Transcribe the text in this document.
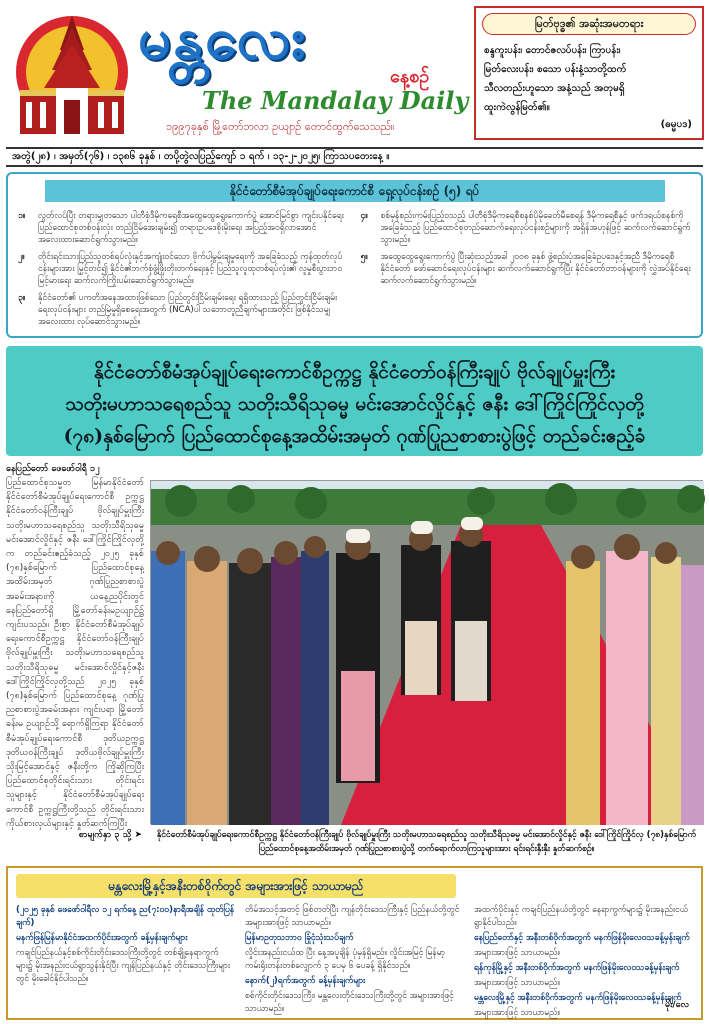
မန္တလေး
နေ့စဉ်
The Mandalay Daily
၁၉၉၇ခုနှစ် မြို့တော်ဘလာ ဥယျာဉ် တောင်ထွက်သေသည်။
မြတ်ဗုဒ္ဓ၏ အဆုံးအမတရား
စန္ဒကူးပန်း၊ တောင်ဇလပ်ပန်း၊ ကြာပန်း၊
မြတ်လေးပန်း၊ စသော ပန်းနံ့သာတို့ထက်
သီလတည်းဟူသော အနံ့သည် အတုမရှိ
ထူးကဲလွန်မြတ်၏။
(ဓမ္မပဒ)
အတွဲ(၂၈) ၊ အမှတ်(၇၆) ၊ ၁၃၈၆ ခုနှစ် ၊ တပို့တွဲလပြည့်ကျော် ၁ ရက် ၊ ၁၃-၂-၂၀၂၅၊ ကြာသပတေးနေ့ ။
နိုင်ငံတော်စီမံအုပ်ချုပ်ရေးကောင်စီ ရှေ့လုပ်ငန်းစဉ် (၅) ရပ်
၁။	လွတ်လပ်ပြီး တရားမျှတသော ပါတီစုံဒီမိုကရေစီအထွေထွေရွေးကောက်ပွဲ အောင်မြင်စွာ ကျင်းပနိုင်ရေး ပြည်ထောင်စုတစ်ဝန်းလုံး တည်ငြိမ်အေးချမ်း၍ တရားဥပဒေစိုးမိုးရေး အပြည့်အဝရှိလာအောင် အလေးထားဆောင်ရွက်သွားမည်။
၂။	တိုင်းရင်းသားပြည်သူတစ်ရပ်လုံးနှင့်အကျုံးဝင်သော ဗိုက်ပါ့မွမ်းချမှုရေးကို အခြေခံသည့် ကုန်ထုတ်လုပ်ငန်းများအား မြှင့်တင်၍ နိုင်ငံ၏ဘက်စုံဖွံ့ဖြိုးတိုးတက်ရေးနှင့် ပြည်သူလူထုတစ်ရပ်လုံး၏ လူမှုစီးပွားဘဝ မြင့်မားရေး ဆက်လက်ကြိုးပမ်းဆောင်ရွက်သွားမည်။
၃။	နိုင်ငံတော်၏ ပကတိအနေအထားဖြစ်သော ပြည်တွင်းငြိမ်းချမ်းရေး ရရှိထားသည့် ပြည်တွင်းငြိမ်းချမ်းရေးလုပ်ငန်းများ တည်မြဲမှုရှိစေရေးအတွက် (NCA)ပါ သဘောတူညီချက်များအတိုင်း ဖြစ်နိုင်သမျှ အလေးထား လုပ်ဆောင်သွားမည်။
၄။	စစ်မှန်စည်းကမ်းပြည့်ဝသည့် ပါတီစုံဒီမိုကရေစီစနစ်ပိုမိုခေတ်မီစေရန် ဒီမိုကရေစီနှင့် ဖက်ဒရယ်စနစ်ကို အခြေခံသည့် ပြည်ထောင်စုတည်ဆောက်ရေးလုပ်ငန်းစဉ်များကို အရှိန်အဟုန်ဖြင့် ဆက်လက်ဆောင်ရွက်သွားမည်။
၅။	အထွေထွေရွေးကောက်ပွဲ ပြီးဆုံးသည့်အခါ ၂၀၀၈ ခုနှစ် ဖွဲ့စည်းပုံအခြေခံဥပဒေနှင့်အညီ ဒီမိုကရေစီနိုင်ငံတော် ဖော်ဆောင်ရေးလုပ်ငန်းများ ဆက်လက်ဆောင်ရွက်ပြီး နိုင်ငံတော်တာဝန်များကို လွှဲအပ်နိုင်ရေး ဆက်လက်ဆောင်ရွက်သွားမည်။
နိုင်ငံတော်စီမံအုပ်ချုပ်ရေးကောင်စီဥက္ကဋ္ဌ နိုင်ငံတော်ဝန်ကြီးချုပ် ဗိုလ်ချုပ်မှူးကြီး
သတိုးမဟာသရေစည်သူ သတိုးသီရိသုဓမ္မ မင်းအောင်လှိုင်နှင့် ဇနီး ဒေါ်ကြိုင်ကြိုင်လှတို့
(၇၈)နှစ်မြောက် ပြည်ထောင်စုနေ့အထိမ်းအမှတ် ဂုဏ်ပြုညစာစားပွဲဖြင့် တည်ခင်းဧည့်ခံ
နေပြည်တော် ဖေဖော်ဝါရီ ၁၂
ပြည်ထောင်စုသမ္မတ မြန်မာနိုင်ငံတော် နိုင်ငံတော်စီမံအုပ်ချုပ်ရေးကောင်စီ ဥက္ကဋ္ဌ နိုင်ငံတော်ဝန်ကြီးချုပ် ဗိုလ်ချုပ်မှူးကြီး သတိုးမဟာသရေစည်သူ သတိုးသီရိသုဓမ္မ မင်းအောင်လှိုင်နှင့် ဇနီး ဒေါ်ကြိုင်ကြိုင်လှတို့က တည်ခင်းဧည့်ခံသည့် ၂၀၂၅ ခုနှစ် (၇၈)နှစ်မြောက် ပြည်ထောင်စုနေ့ အထိမ်းအမှတ် ဂုဏ်ပြုညစာစားပွဲအခမ်းအနားကို ယနေ့ညပိုင်းတွင် နေပြည်တော်ရှိ မြို့တော်ခန်းမဥယျာဉ်၌ ကျင်းပသည်။ ဦးစွာ နိုင်ငံတော်စီမံအုပ်ချုပ်ရေးကောင်စီဥက္ကဋ္ဌ နိုင်ငံတော်ဝန်ကြီးချုပ် ဗိုလ်ချုပ်မှူးကြီး သတိုးမဟာသရေစည်သူ သတိုးသီရိသုဓမ္မ မင်းအောင်လှိုင်နှင့်ဇနီး ဒေါ်ကြိုင်ကြိုင်လှတို့သည် ၂၀၂၅ ခုနှစ် (၇၈)နှစ်မြောက် ပြည်ထောင်စုနေ့ ဂုဏ်ပြုညစာစားပွဲအခမ်းအနား ကျင်းပရာ မြို့တော်ခန်းမ ဥယျာဉ်သို့ ရောက်ရှိကြရာ နိုင်ငံတော်စီမံအုပ်ချုပ်ရေးကောင်စီ ဒုတိယဥက္ကဋ္ဌ ဒုတိယဝန်ကြီးချုပ် ဒုတိယဗိုလ်ချုပ်မှူးကြီး သိုးမြင့်အောင်နှင့် ဇနီးတို့က ကြိုဆိုကြပြီး ပြည်ထောင်စုတိုင်းရင်းသား တိုင်းရင်းသူများနှင့် နိုင်ငံတော်စီမံအုပ်ချုပ်ရေးကောင်စီ ဥက္ကဋ္ဌကြီးတို့သည် တိုင်းရင်းသားကိုယ်စားလှယ်များနှင့် နှုတ်ဆက်ကြပြီး
စာမျက်နှာ ၃ သို့ ➤	နိုင်ငံတော်စီမံအုပ်ချုပ်ရေးကောင်စီဥက္ကဋ္ဌ နိုင်ငံတော်ဝန်ကြီးချုပ် ဗိုလ်ချုပ်မှူးကြီး သတိုးမဟာသရေစည်သူ သတိုးသီရိသုဓမ္မ မင်းအောင်လှိုင်နှင့် ဇနီး ဒေါ်ကြိုင်ကြိုင်လှ (၇၈)နှစ်မြောက် ပြည်ထောင်စုနေ့အထိမ်းအမှတ် ဂုဏ်ပြုညစာစားပွဲသို့ တက်ရောက်လာကြသူများအား ရင်းရင်းနှီးနှီး နှုတ်ဆက်စဉ်။
မန္တလေးမြို့နှင့်အနီးတစ်ဝိုက်တွင် အများအားဖြင့် သာယာမည်

(၂၀၂၅ ခုနှစ် ဖေဖော်ဝါရီလ ၁၂ ရက်နေ့ ည(၇:၀၀)နာရီအချိန် ထုတ်ပြန်ချက်)

မနက်ဖြန်မြန်မာနိုင်ငံအထက်ပိုင်းအတွက် ခန့်မှန်းချက်များ

ကချင်ပြည်နယ်နှင့်စစ်ကိုင်းတိုင်းဒေသကြီးတို့တွင် တစ်ချို့နေရာကွက်များ၌ မိုးအနည်းငယ်ရွာသွန်းနိုင်ပြီး ကျန်ပြည်နယ်နှင့် တိုင်းဒေသကြီးများတွင် မိုးခေါင်နိုင်ပါသည်။

တိမ်အသင့်အတင့် ဖြစ်တတ်ပြီး ကျန်တိုင်းဒေသကြီးနှင့် ပြည်နယ်တို့တွင် အများအားဖြင့် သာယာမည်။

မြန်မာဥတုသဘာဝ ခြုံငုံသုံးသပ်ချက်

လှိုင်းအနည်းငယ်ထ ပြီး နေ့အပူချိန် ပုံမှန်ရှိမည်။ လှိုင်းအမြင့် မြန်မာ့ကမ်းရိုးတန်းတစ်လျှောက် ၃ ပေမှ ၆ ပေခန့် ရှိနိုင်သည်။

နောက်(၂)ရက်အတွက် ခန့်မှန်းချက်များ

စစ်ကိုင်းတိုင်းဒေသကြီး၊ မန္တလေးတိုင်းဒေသကြီးတို့တွင် အများအားဖြင့် သာယာမည်။

အထက်ပိုင်းနှင့် ကချင်ပြည်နယ်တို့တွင် နေရာကွက်များ၌ မိုးအနည်းငယ် ရွာနိုင်ပါသည်။

နေပြည်တော်နှင့် အနီးတစ်ဝိုက်အတွက် မနက်ဖြန်မိုးလေဝသခန့်မှန်းချက်

အများအားဖြင့် သာယာမည်။

ရန်ကုန်မြို့နှင့် အနီးတစ်ဝိုက်အတွက် မနက်ဖြန်မိုးလေဝသခန့်မှန်းချက်

အများအားဖြင့် သာယာမည်။

မန္တလေးမြို့နှင့် အနီးတစ်ဝိုက်အတွက် မနက်ဖြန်မိုးလေဝသခန့်မှန်းချက်

အများအားဖြင့် သာယာမည်။

မိုး/လေ
